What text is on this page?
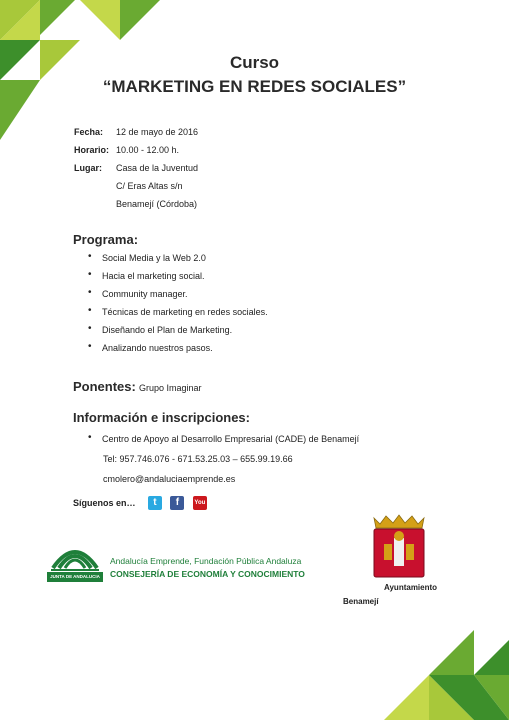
Curso
“MARKETING EN REDES SOCIALES”
Fecha: 12 de mayo de 2016
Horario: 10.00 - 12.00 h.
Lugar: Casa de la Juventud
C/ Eras Altas s/n
Benamejí (Córdoba)
Programa:
• Social Media y la Web 2.0
• Hacia el marketing social.
• Community manager.
• Técnicas de marketing en redes sociales.
• Diseñando el Plan de Marketing.
• Analizando nuestros pasos.
Ponentes: Grupo Imaginar
Información e inscripciones:
• Centro de Apoyo al Desarrollo Empresarial (CADE) de Benamejí
Tel: 957.746.076 - 671.53.25.03 – 655.99.19.66
cmolero@andaluciaemprende.es
Síguenos en… t f	You
JUNTA DE ANDALUCIA
Andalucía Emprende, Fundación Pública Andaluza
CONSEJERÍA DE ECONOMÍA Y CONOCIMIENTO
Ayuntamiento
Benamejí
